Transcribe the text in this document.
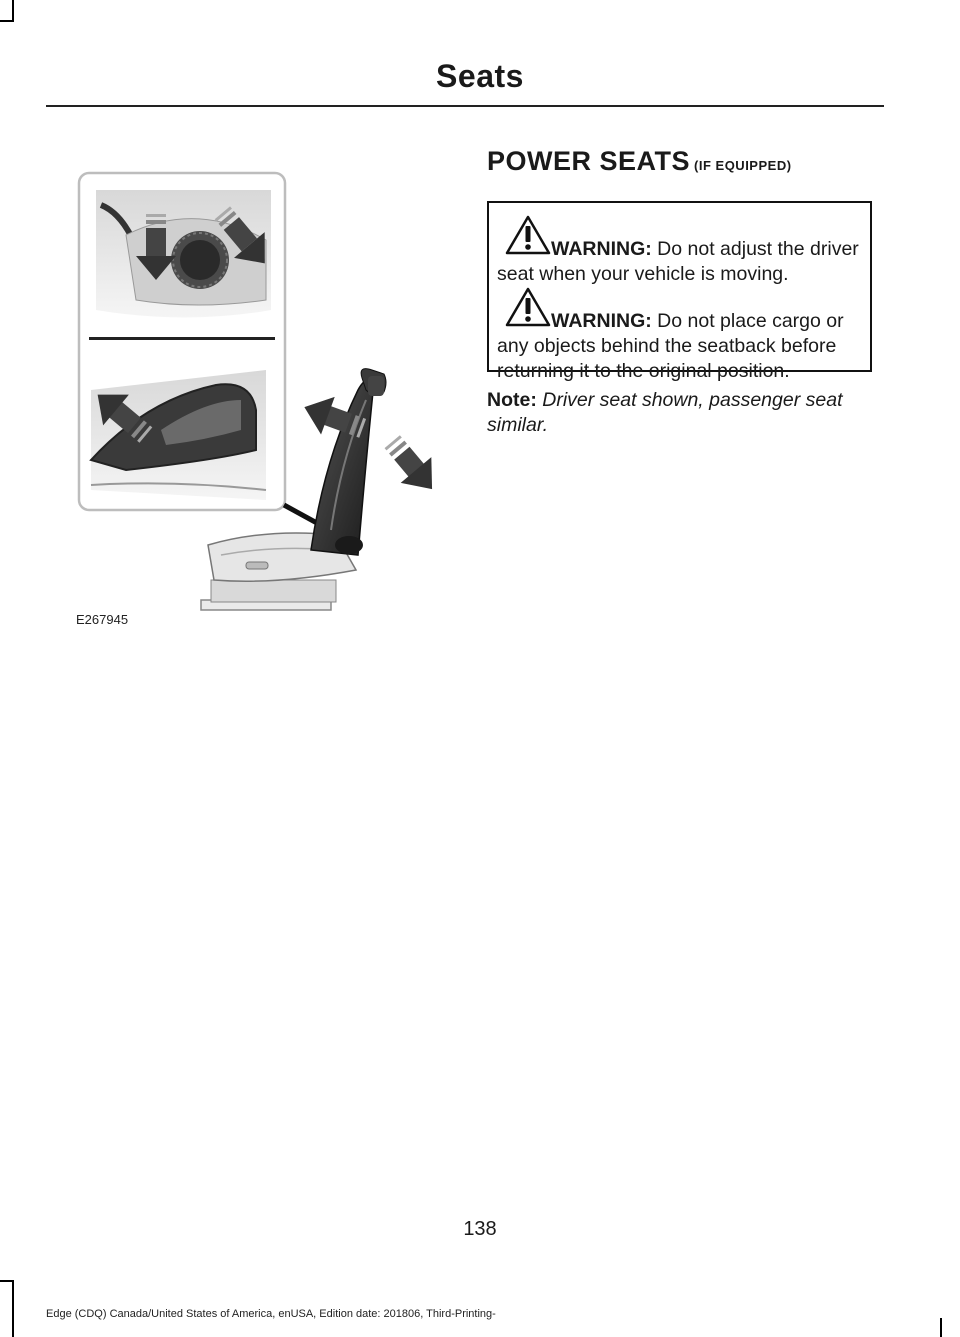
Seats
E267945
POWER SEATS (IF EQUIPPED)
WARNING: Do not adjust the driver seat when your vehicle is moving.
WARNING: Do not place cargo or any objects behind the seatback before returning it to the original position.
Note: Driver seat shown, passenger seat similar.
138
Edge (CDQ) Canada/United States of America, enUSA, Edition date: 201806, Third-Printing-
